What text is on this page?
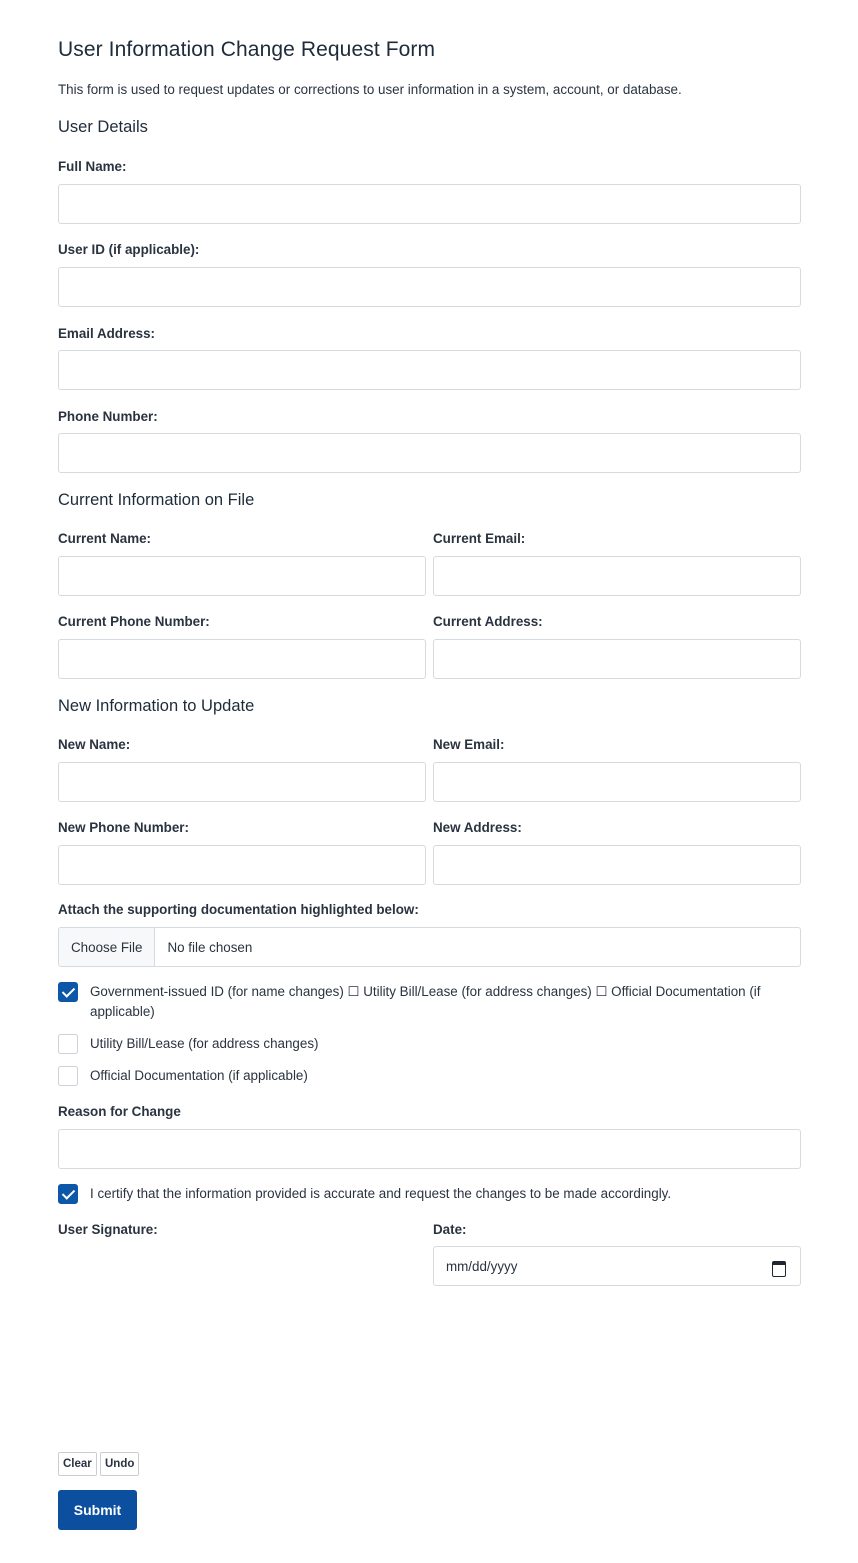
User Information Change Request Form

This form is used to request updates or corrections to user information in a system, account, or database.

User Details
Full Name:
User ID (if applicable):
Email Address:
Phone Number:
Current Information on File
Current Name:	Current Email:
Current Phone Number:	Current Address:
New Information to Update
New Name:	New Email:
New Phone Number:	New Address:
Attach the supporting documentation highlighted below:
Choose File	No file chosen
Government-issued ID (for name changes) ☐ Utility Bill/Lease (for address changes) ☐ Official Documentation (if applicable)
Utility Bill/Lease (for address changes)
Official Documentation (if applicable)
Reason for Change
I certify that the information provided is accurate and request the changes to be made accordingly.
User Signature:	Date:
mm/dd/yyyy
Clear	Undo
Submit
